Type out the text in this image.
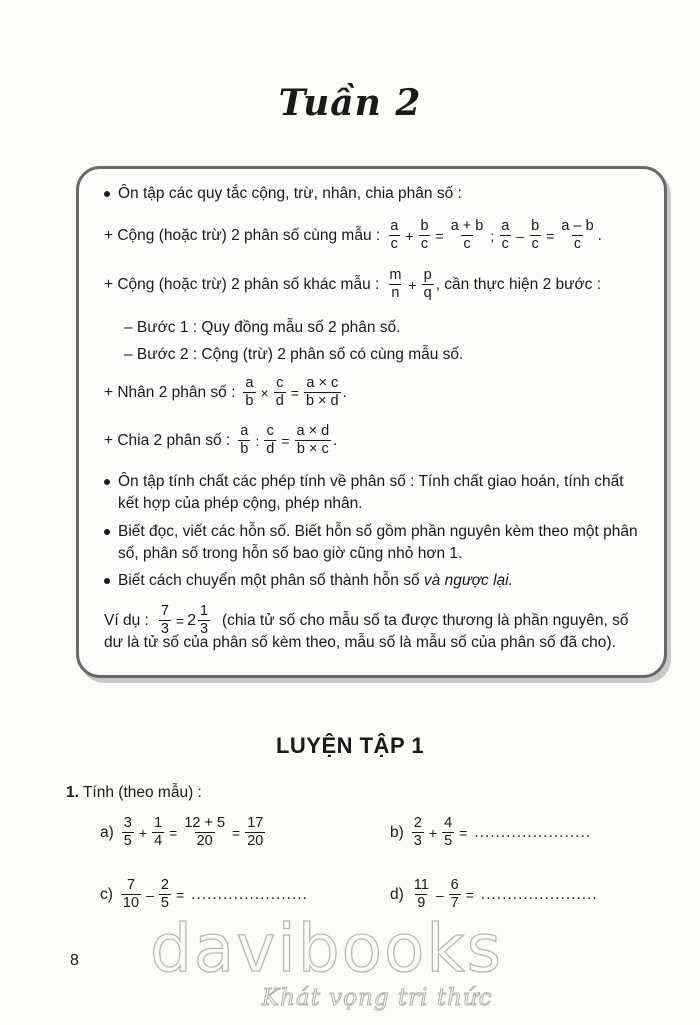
Tuần 2
Ôn tập các quy tắc cộng, trừ, nhân, chia phân số :
+ Cộng (hoặc trừ) 2 phân số cùng mẫu : $\frac{a}{c} + \frac{b}{c} = \frac{a + b}{c}$ ; $\frac{a}{c} - \frac{b}{c} = \frac{a - b}{c}$ .
+ Cộng (hoặc trừ) 2 phân số khác mẫu : $\frac{m}{n} + \frac{p}{q}$ , cần thực hiện 2 bước :
– Bước 1 : Quy đồng mẫu số 2 phân số.
– Bước 2 : Cộng (trừ) 2 phân số có cùng mẫu số.
+ Nhân 2 phân số : $\frac{a}{b} \times \frac{c}{d} = \frac{a \times c}{b \times d}$ .
+ Chia 2 phân số : $\frac{a}{b}$ : $\frac{c}{d} = \frac{a \times d}{b \times c}$ .
Ôn tập tính chất các phép tính về phân số : Tính chất giao hoán, tính chất kết hợp của phép cộng, phép nhân.
Biết đọc, viết các hỗn số. Biết hỗn số gồm phần nguyên kèm theo một phân số, phân số trong hỗn số bao giờ cũng nhỏ hơn 1.
Biết cách chuyển một phân số thành hỗn số và ngược lại.
Ví dụ : $\frac{7}{3} = 2 \frac{1}{3}$ (chia tử số cho mẫu số ta được thương là phần nguyên, số dư là tử số của phân số kèm theo, mẫu số là mẫu số của phân số đã cho).
LUYỆN TẬP 1
1. Tính (theo mẫu) :
$a) \frac{3}{5} + \frac{1}{4} = \frac{12 + 5}{20} = \frac{17}{20}$	$b) \frac{2}{3} + \frac{4}{5}$ = ......................
$c) \frac{7}{10} - \frac{2}{5}$ = ......................	$d) \frac{11}{9} - \frac{6}{7}$ = ......................
8 davibooks
Khát vọng tri thức
